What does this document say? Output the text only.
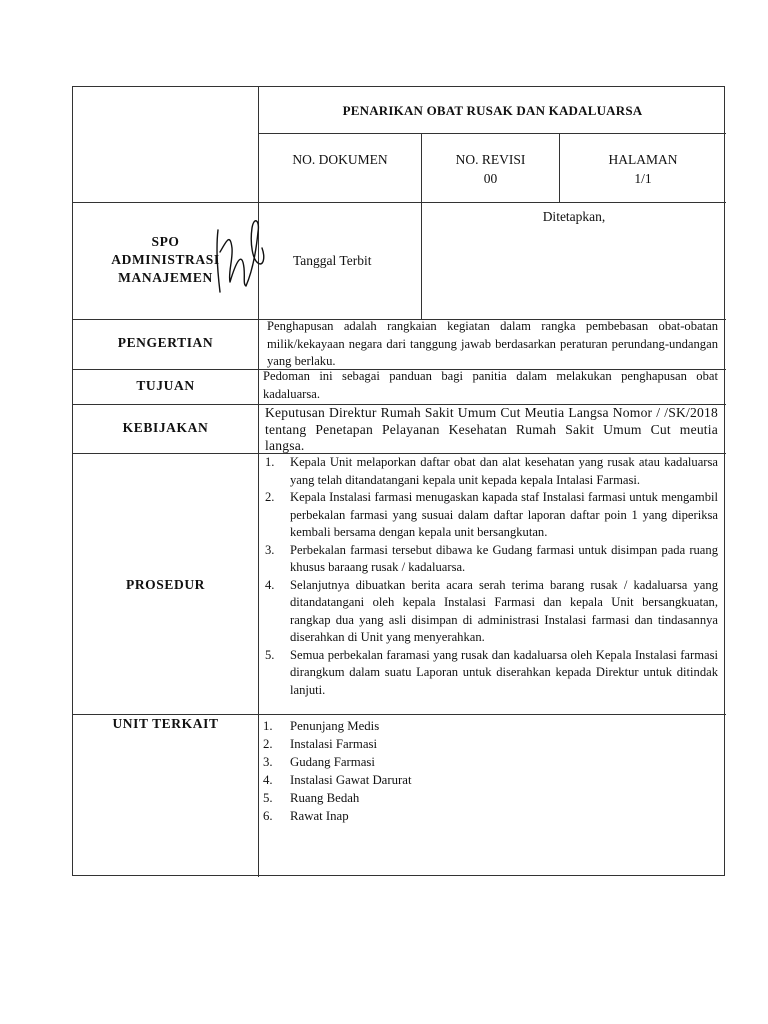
PENARIKAN OBAT RUSAK DAN KADALUARSA
NO. DOKUMEN	NO. REVISI
00
HALAMAN
1/1
SPO
ADMINISTRASI
MANAJEMEN
Tanggal Terbit
Ditetapkan,
PENGERTIAN
Penghapusan adalah rangkaian kegiatan dalam rangka pembebasan obat-obatan milik/kekayaan negara dari tanggung jawab berdasarkan peraturan perundang-undangan yang berlaku.
TUJUAN
Pedoman ini sebagai panduan bagi panitia dalam melakukan penghapusan obat kadaluarsa.
KEBIJAKAN
Keputusan Direktur Rumah Sakit Umum Cut Meutia Langsa Nomor / /SK/2018 tentang Penetapan Pelayanan Kesehatan Rumah Sakit Umum Cut meutia langsa.
PROSEDUR
1. Kepala Unit melaporkan daftar obat dan alat kesehatan yang rusak atau kadaluarsa yang telah ditandatangani kepala unit kepada kepala Intalasi Farmasi.
2. Kepala Instalasi farmasi menugaskan kapada staf Instalasi farmasi untuk mengambil perbekalan farmasi yang susuai dalam daftar laporan daftar poin 1 yang diperiksa kembali bersama dengan kepala unit bersangkutan.
3. Perbekalan farmasi tersebut dibawa ke Gudang farmasi untuk disimpan pada ruang khusus baraang rusak / kadaluarsa.
4. Selanjutnya dibuatkan berita acara serah terima barang rusak / kadaluarsa yang ditandatangani oleh kepala Instalasi Farmasi dan kepala Unit bersangkuatan, rangkap dua yang asli disimpan di administrasi Instalasi farmasi dan tindasannya diserahkan di Unit yang menyerahkan.
5. Semua perbekalan faramasi yang rusak dan kadaluarsa oleh Kepala Instalasi farmasi dirangkum dalam suatu Laporan untuk diserahkan kepada Direktur untuk ditindak lanjuti.
UNIT TERKAIT	1. Penunjang Medis
2. Instalasi Farmasi
3. Gudang Farmasi
4. Instalasi Gawat Darurat
5. Ruang Bedah
6. Rawat Inap
